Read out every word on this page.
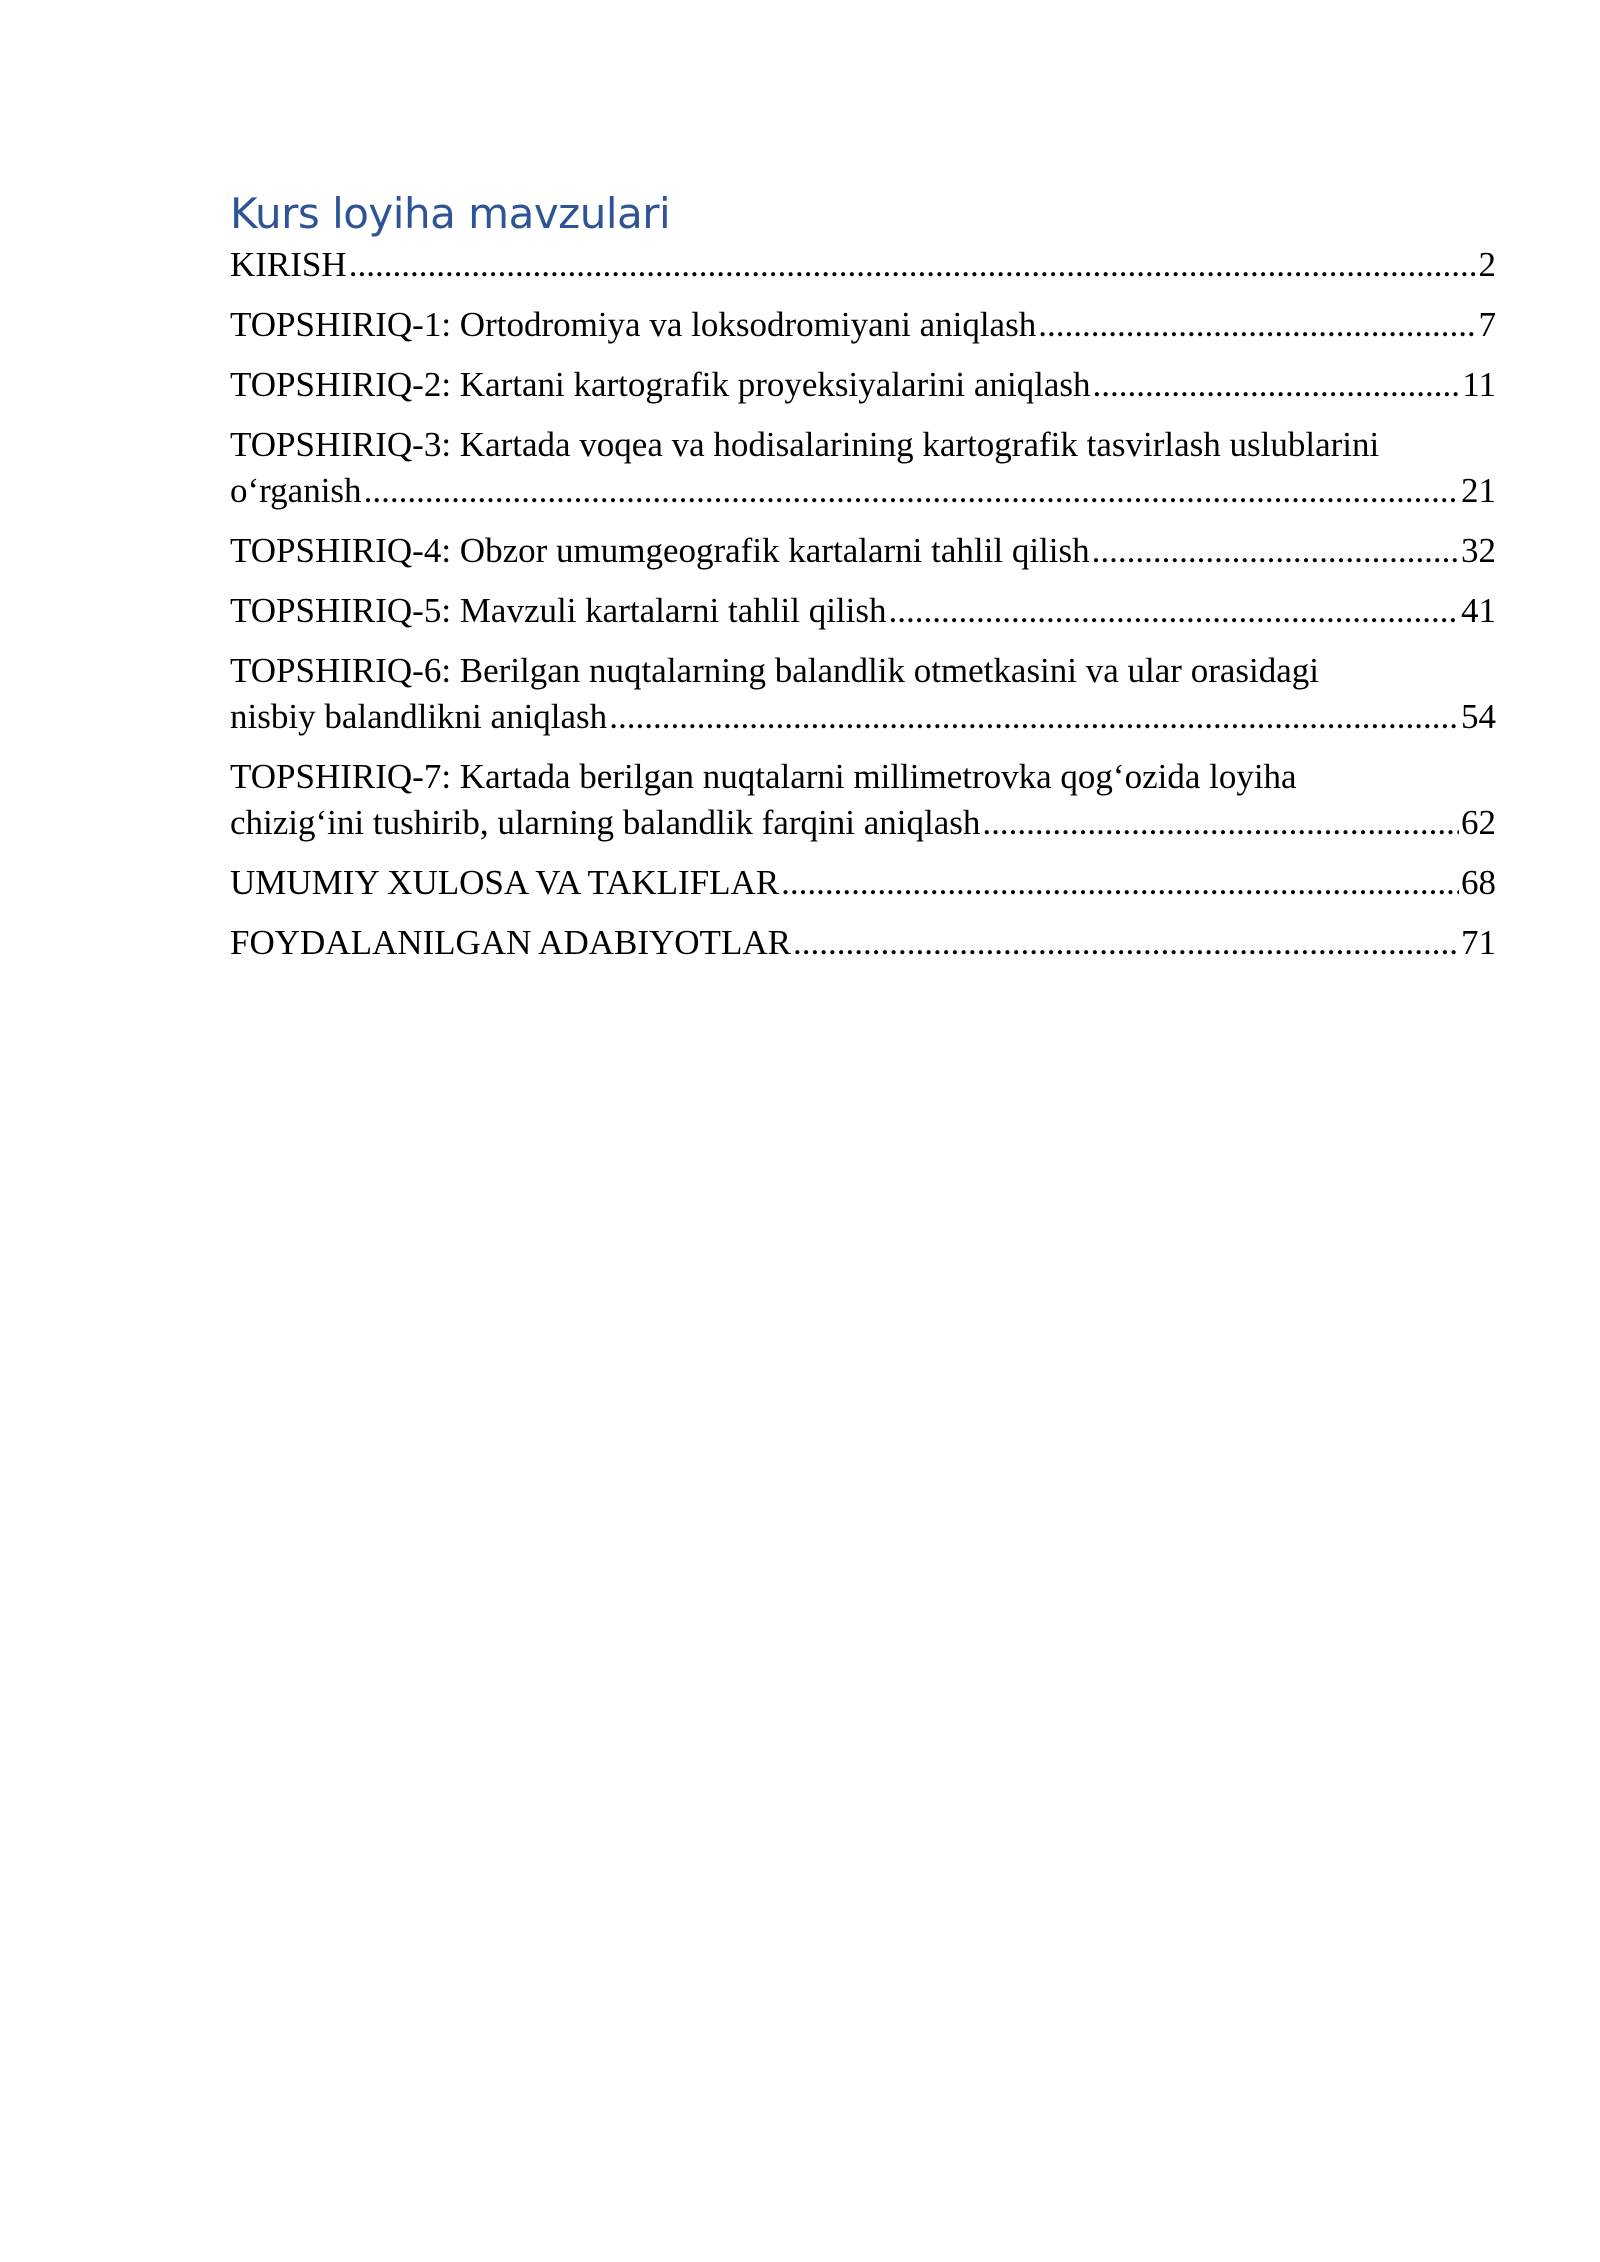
Kurs loyiha mavzulari
KIRISH .....	2
TOPSHIRIQ-1: Ortodromiya va loksodromiyani aniqlash .....	7
TOPSHIRIQ-2: Kartani kartografik proyeksiyalarini aniqlash .....	11
TOPSHIRIQ-3: Kartada voqea va hodisalarining kartografik tasvirlash uslublarini
o‘rganish .....	21
TOPSHIRIQ-4: Obzor umumgeografik kartalarni tahlil qilish .....	32
TOPSHIRIQ-5: Mavzuli kartalarni tahlil qilish .....	41
TOPSHIRIQ-6: Berilgan nuqtalarning balandlik otmetkasini va ular orasidagi
nisbiy balandlikni aniqlash .....	54
TOPSHIRIQ-7: Kartada berilgan nuqtalarni millimetrovka qog‘ozida loyiha
chizig‘ini tushirib, ularning balandlik farqini aniqlash .....	62
UMUMIY XULOSA VA TAKLIFLAR .....	68
FOYDALANILGAN ADABIYOTLAR .....	71
